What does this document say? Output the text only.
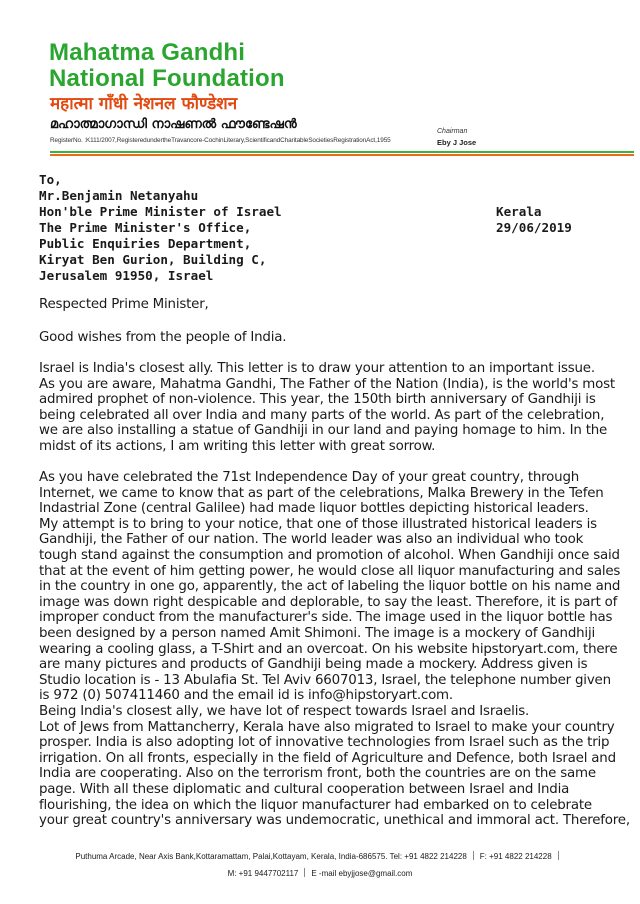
Mahatma Gandhi
National Foundation
महात्मा गाँधी नेशनल फौण्डेशन
മഹാത്മാഗാന്ധി നാഷണൽ ഫൗണ്ടേഷൻ
RegisterNo. :K111/2007,RegisteredundertheTravancore-CochinLiterary,ScientificandCharitableSocietiesRegistrationAct,1955
Chairman
Eby J Jose
To,
Mr.Benjamin Netanyahu
Hon'ble Prime Minister of Israel
The Prime Minister's Office,
Public Enquiries Department,
Kiryat Ben Gurion, Building C,
Jerusalem 91950, Israel
Kerala
29/06/2019

Respected Prime Minister,

Good wishes from the people of India.

Israel is India's closest ally. This letter is to draw your attention to an important issue.

As you are aware, Mahatma Gandhi, The Father of the Nation (India), is the world's most

admired prophet of non-violence. This year, the 150th birth anniversary of Gandhiji is

being celebrated all over India and many parts of the world. As part of the celebration,

we are also installing a statue of Gandhiji in our land and paying homage to him. In the

midst of its actions, I am writing this letter with great sorrow.

As you have celebrated the 71st Independence Day of your great country, through

Internet, we came to know that as part of the celebrations, Malka Brewery in the Tefen

Indastrial Zone (central Galilee) had made liquor bottles depicting historical leaders.

My attempt is to bring to your notice, that one of those illustrated historical leaders is

Gandhiji, the Father of our nation. The world leader was also an individual who took

tough stand against the consumption and promotion of alcohol. When Gandhiji once said

that at the event of him getting power, he would close all liquor manufacturing and sales

in the country in one go, apparently, the act of labeling the liquor bottle on his name and

image was down right despicable and deplorable, to say the least. Therefore, it is part of

improper conduct from the manufacturer's side. The image used in the liquor bottle has

been designed by a person named Amit Shimoni. The image is a mockery of Gandhiji

wearing a cooling glass, a T-Shirt and an overcoat. On his website hipstoryart.com, there

are many pictures and products of Gandhiji being made a mockery. Address given is

Studio location is - 13 Abulafia St. Tel Aviv 6607013, Israel, the telephone number given

is 972 (0) 507411460 and the email id is info@hipstoryart.com.

Being India's closest ally, we have lot of respect towards Israel and Israelis.

Lot of Jews from Mattancherry, Kerala have also migrated to Israel to make your country

prosper. India is also adopting lot of innovative technologies from Israel such as the trip

irrigation. On all fronts, especially in the field of Agriculture and Defence, both Israel and

India are cooperating. Also on the terrorism front, both the countries are on the same

page. With all these diplomatic and cultural cooperation between Israel and India

flourishing, the idea on which the liquor manufacturer had embarked on to celebrate

your great country's anniversary was undemocratic, unethical and immoral act. Therefore,

Puthuma Arcade, Near Axis Bank,Kottaramattam, Palai,Kottayam, Kerala, India-686575. Tel: +91 4822 214228 F: +91 4822 214228
M: +91 9447702117 E -mail ebyjjose@gmail.com
